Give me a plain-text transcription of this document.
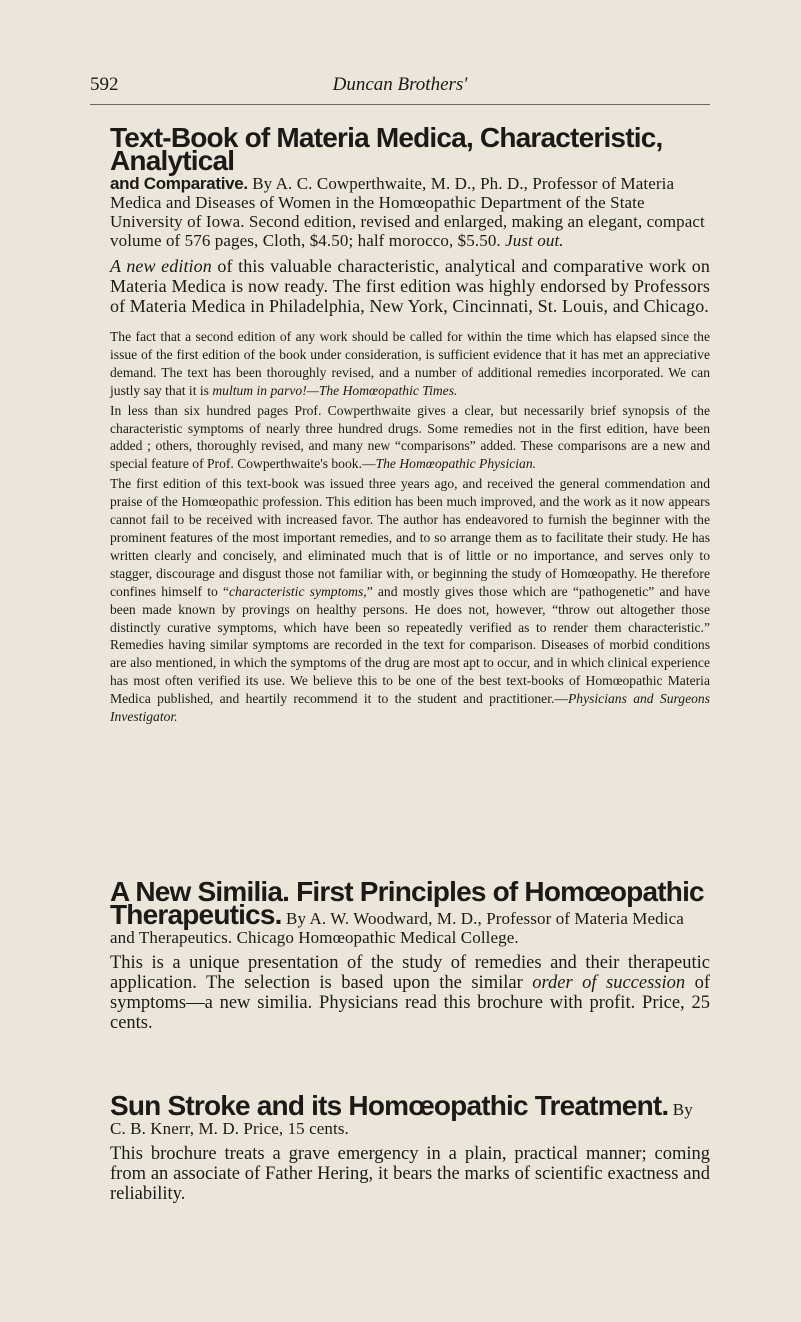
592	Duncan Brothers'
Text-Book of Materia Medica, Characteristic, Analytical
and Comparative. By A. C. Cowperthwaite, M. D., Ph. D., Professor of Materia Medica and Diseases of Women in the Homœopathic Department of the State University of Iowa. Second edition, revised and enlarged, making an elegant, compact volume of 576 pages, Cloth, $4.50; half morocco, $5.50. Just out.
A new edition of this valuable characteristic, analytical and comparative work on Materia Medica is now ready. The first edition was highly endorsed by Professors of Materia Medica in Philadelphia, New York, Cincinnati, St. Louis, and Chicago.

The fact that a second edition of any work should be called for within the time which has elapsed since the issue of the first edition of the book under consideration, is sufficient evidence that it has met an appreciative demand. The text has been thoroughly revised, and a number of additional remedies incorporated. We can justly say that it is multum in parvo!—The Homœopathic Times.

In less than six hundred pages Prof. Cowperthwaite gives a clear, but necessarily brief synopsis of the characteristic symptoms of nearly three hundred drugs. Some remedies not in the first edition, have been added ; others, thoroughly revised, and many new “comparisons” added. These comparisons are a new and special feature of Prof. Cowperthwaite's book.—The Homœopathic Physician.

The first edition of this text-book was issued three years ago, and received the general commendation and praise of the Homœopathic profession. This edition has been much improved, and the work as it now appears cannot fail to be received with increased favor. The author has endeavored to furnish the beginner with the prominent features of the most important remedies, and to so arrange them as to facilitate their study. He has written clearly and concisely, and eliminated much that is of little or no importance, and serves only to stagger, discourage and disgust those not familiar with, or beginning the study of Homœopathy. He therefore confines himself to “characteristic symptoms,” and mostly gives those which are “pathogenetic” and have been made known by provings on healthy persons. He does not, however, “throw out altogether those distinctly curative symptoms, which have been so repeatedly verified as to render them characteristic.” Remedies having similar symptoms are recorded in the text for comparison. Diseases of morbid conditions are also mentioned, in which the symptoms of the drug are most apt to occur, and in which clinical experience has most often verified its use. We believe this to be one of the best text-books of Homœopathic Materia Medica published, and heartily recommend it to the student and practitioner.—Physicians and Surgeons Investigator.

A New Similia. First Principles of Homœopathic Therapeutics. By A. W. Woodward, M. D., Professor of Materia Medica and Therapeutics. Chicago Homœopathic Medical College.
This is a unique presentation of the study of remedies and their therapeutic application. The selection is based upon the similar order of succession of symptoms—a new similia. Physicians read this brochure with profit. Price, 25 cents.
Sun Stroke and its Homœopathic Treatment. By C. B. Knerr, M. D. Price, 15 cents.
This brochure treats a grave emergency in a plain, practical manner; coming from an associate of Father Hering, it bears the marks of scientific exactness and reliability.
